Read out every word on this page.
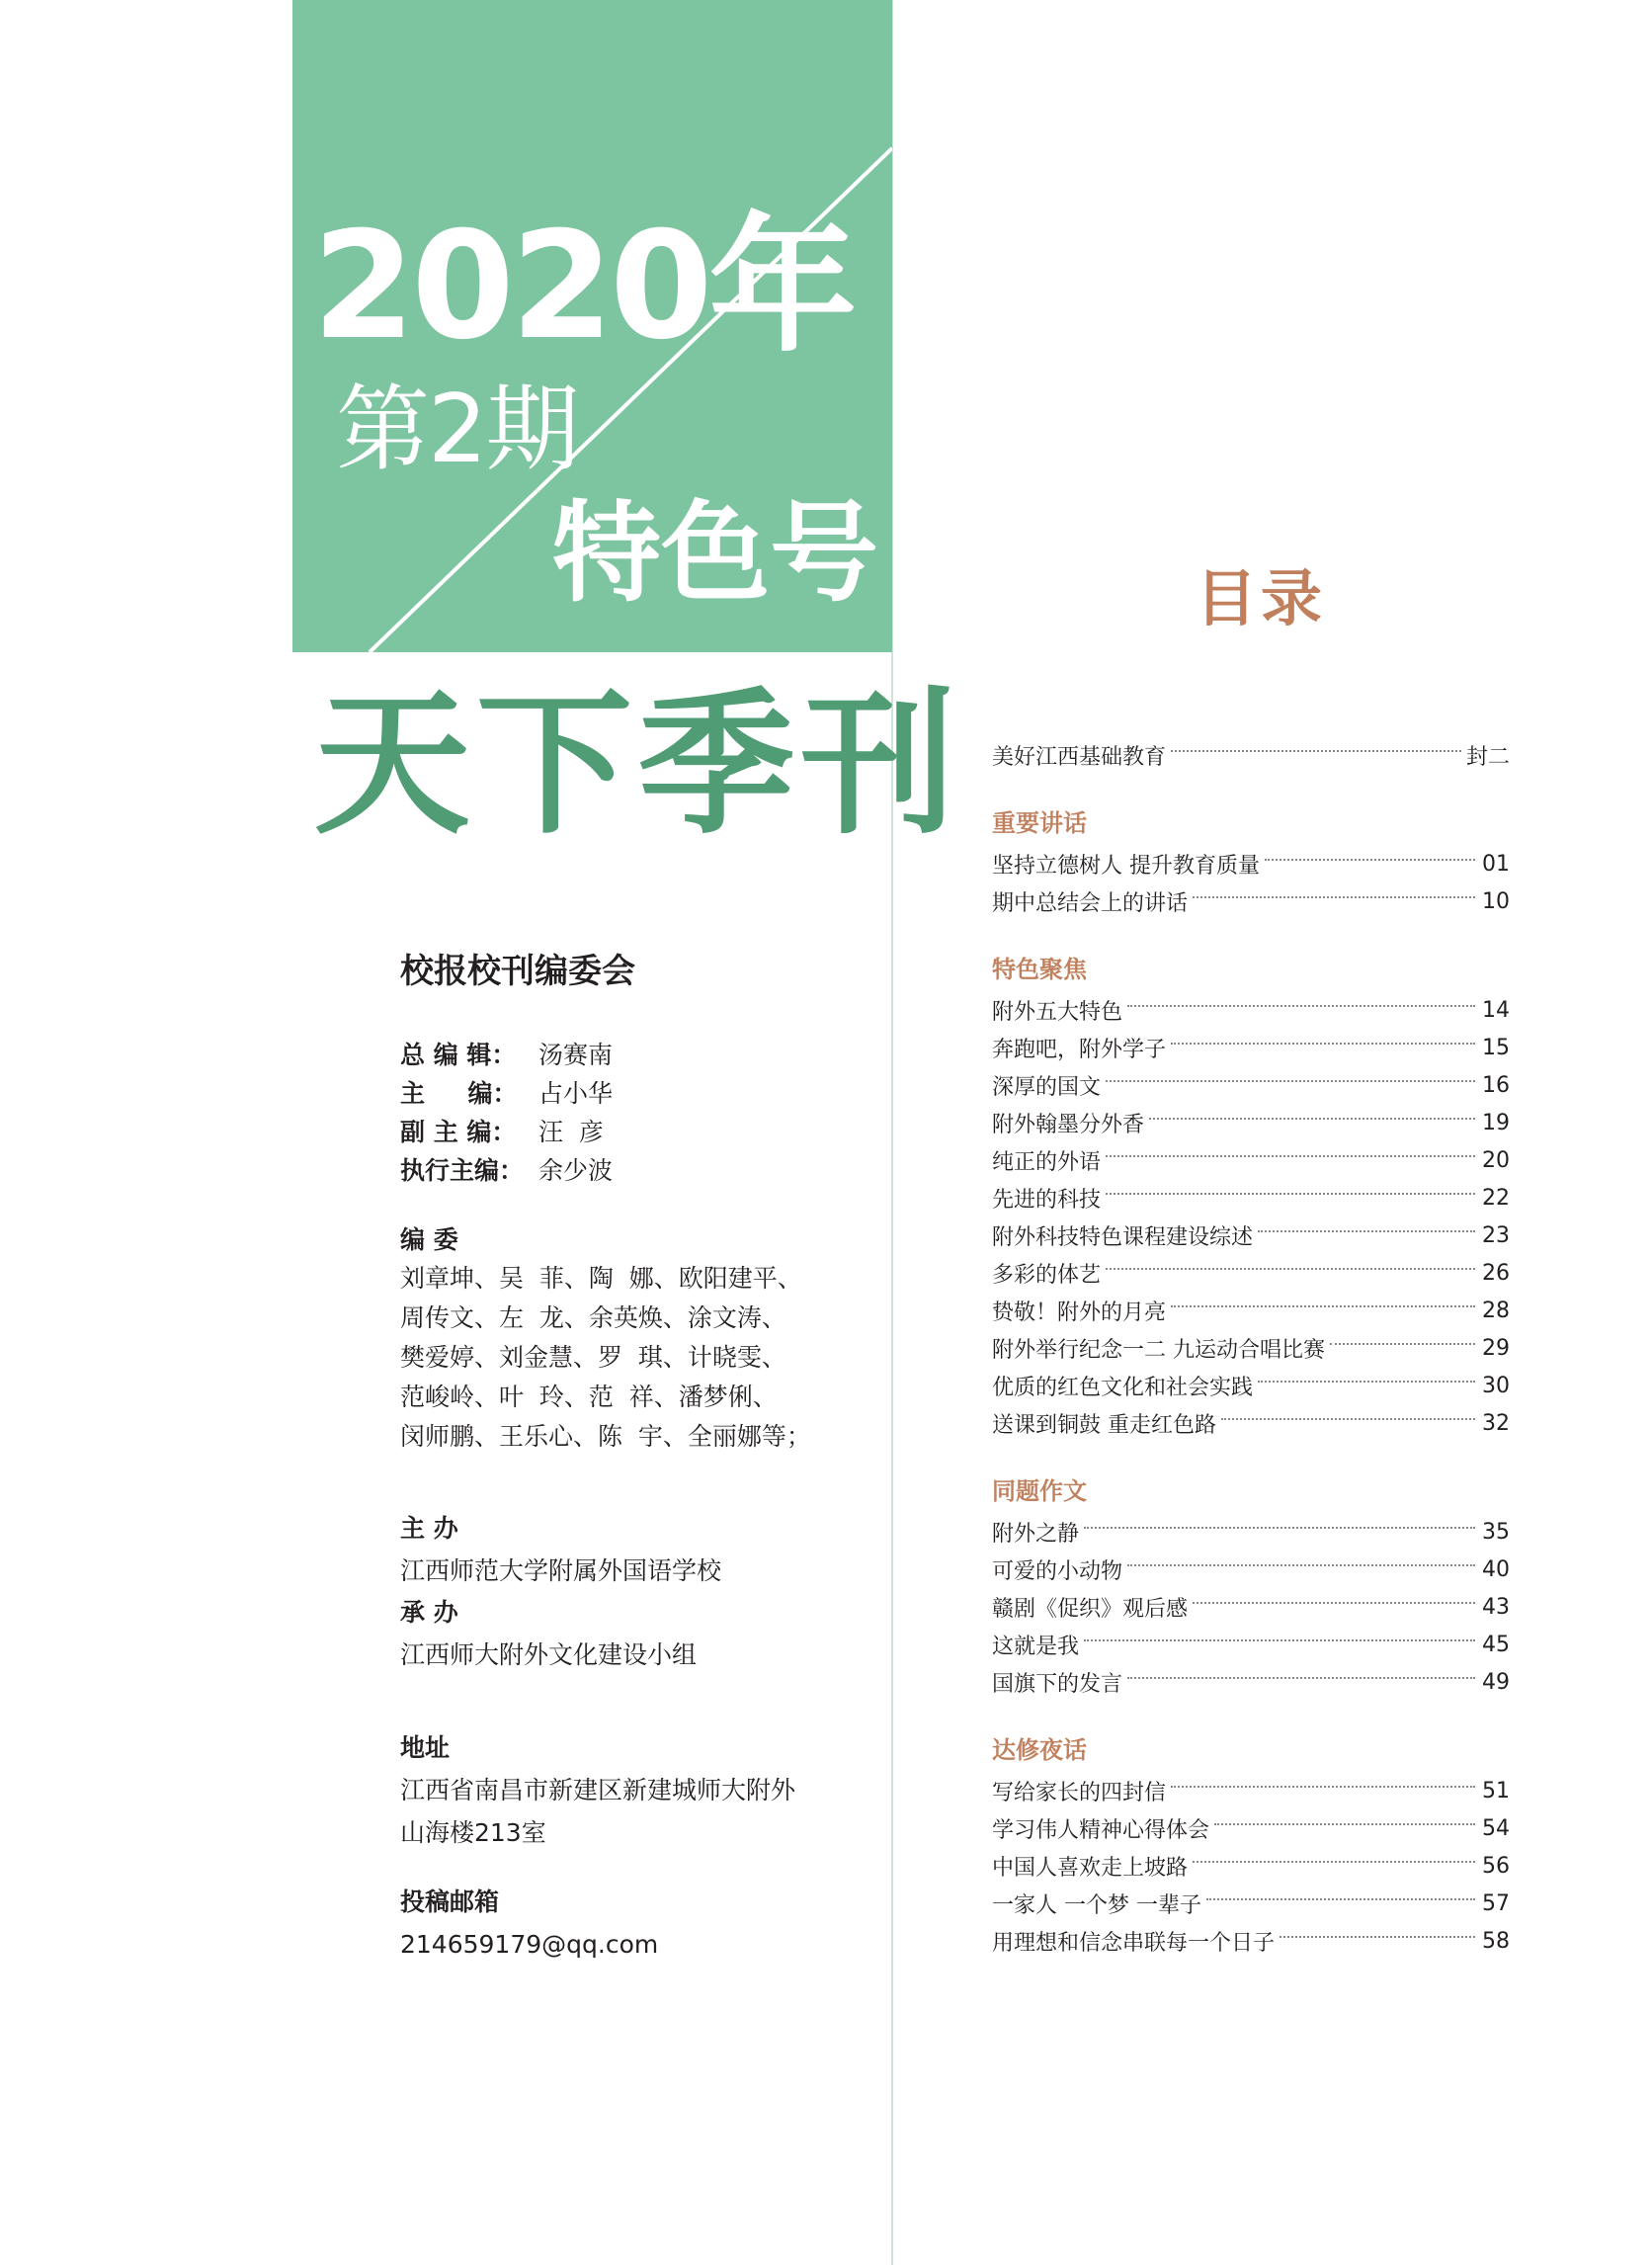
2020年
第2期
特色号
天下季刊
校报校刊编委会
总 编 辑： 汤赛南
主     编： 占小华
副 主 编： 汪  彦
执行主编： 余少波
编 委
刘章坤、吴  菲、陶  娜、欧阳建平、
周传文、左  龙、余英焕、涂文涛、
樊爱婷、刘金慧、罗  琪、计晓雯、
范峻岭、叶  玲、范  祥、潘梦俐、
闵师鹏、王乐心、陈  宇、全丽娜等；
主 办
江西师范大学附属外国语学校
承 办
江西师大附外文化建设小组
地址
江西省南昌市新建区新建城师大附外
山海楼213室
投稿邮箱
214659179@qq.com
目录
美好江西基础教育	封二
重要讲话
坚持立德树人 提升教育质量	01
期中总结会上的讲话	10
特色聚焦
附外五大特色	14
奔跑吧，附外学子	15
深厚的国文	16
附外翰墨分外香	19
纯正的外语	20
先进的科技	22
附外科技特色课程建设综述	23
多彩的体艺	26
贽敬！附外的月亮	28
附外举行纪念一二 九运动合唱比赛	29
优质的红色文化和社会实践	30
送课到铜鼓 重走红色路	32
同题作文
附外之静	35
可爱的小动物	40
赣剧《促织》观后感	43
这就是我	45
国旗下的发言	49
达修夜话
写给家长的四封信	51
学习伟人精神心得体会	54
中国人喜欢走上坡路	56
一家人 一个梦 一辈子	57
用理想和信念串联每一个日子	58
